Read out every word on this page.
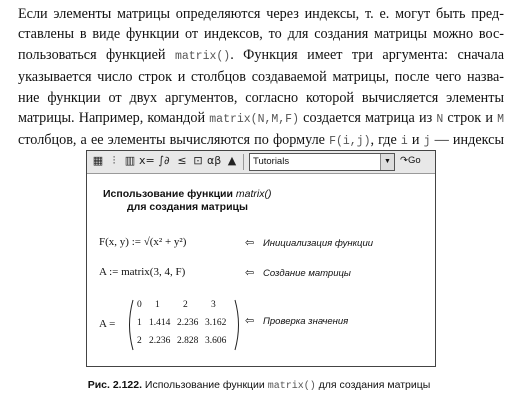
Если элементы матрицы определяются через индексы, т. е. могут быть пред-
ставлены в виде функции от индексов, то для создания матрицы можно вос-
пользоваться функцией matrix(). Функция имеет три аргумента: сначала
указывается число строк и столбцов создаваемой матрицы, после чего назва-
ние функции от двух аргументов, согласно которой вычисляется элементы
матрицы. Например, командой matrix(N,M,F) создается матрица из N строк и M
столбцов, а ее элементы вычисляются по формуле F(i,j), где i и j — индексы
▦ ⫶ ▥ x= ∫∂ ≤ ⊡ αβ ▲ Tutorials	▼ ↷Go
Использование функции matrix()
для создания матрицы
F(x, y) := √(x² + y²)	⇦ Инициализация функции
A := matrix(3, 4, F)	⇦ Создание матрицы
A =
0 1 2 3
1 1.414 2.236 3.162
2 2.236 2.828 3.606
⇦ Проверка значения
Рис. 2.122. Использование функции matrix() для создания матрицы
